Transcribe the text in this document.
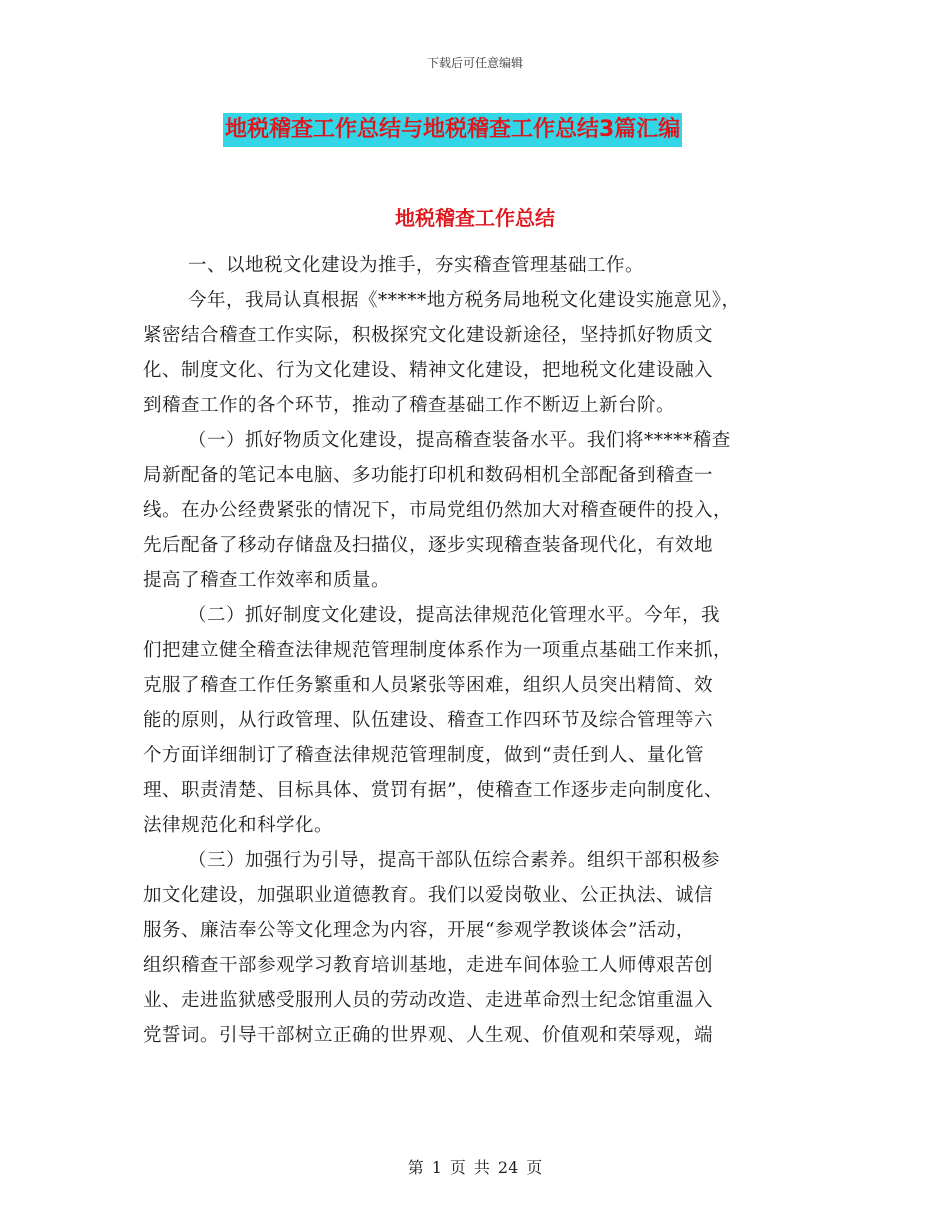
下载后可任意编辑
地税稽查工作总结与地税稽查工作总结3篇汇编
地税稽查工作总结
一、以地税文化建设为推手，夯实稽查管理基础工作。
今年，我局认真根据《*****地方税务局地税文化建设实施意见》，
紧密结合稽查工作实际，积极探究文化建设新途径，坚持抓好物质文
化、制度文化、行为文化建设、精神文化建设，把地税文化建设融入
到稽查工作的各个环节，推动了稽查基础工作不断迈上新台阶。
（一）抓好物质文化建设，提高稽查装备水平。我们将*****稽查
局新配备的笔记本电脑、多功能打印机和数码相机全部配备到稽查一
线。在办公经费紧张的情况下，市局党组仍然加大对稽查硬件的投入，
先后配备了移动存储盘及扫描仪，逐步实现稽查装备现代化，有效地
提高了稽查工作效率和质量。
（二）抓好制度文化建设，提高法律规范化管理水平。今年，我
们把建立健全稽查法律规范管理制度体系作为一项重点基础工作来抓，
克服了稽查工作任务繁重和人员紧张等困难，组织人员突出精简、效
能的原则，从行政管理、队伍建设、稽查工作四环节及综合管理等六
个方面详细制订了稽查法律规范管理制度，做到“责任到人、量化管
理、职责清楚、目标具体、赏罚有据”，使稽查工作逐步走向制度化、
法律规范化和科学化。
（三）加强行为引导，提高干部队伍综合素养。组织干部积极参
加文化建设，加强职业道德教育。我们以爱岗敬业、公正执法、诚信
服务、廉洁奉公等文化理念为内容，开展“参观学教谈体会”活动，
组织稽查干部参观学习教育培训基地，走进车间体验工人师傅艰苦创
业、走进监狱感受服刑人员的劳动改造、走进革命烈士纪念馆重温入
党誓词。引导干部树立正确的世界观、人生观、价值观和荣辱观，端
第 1 页 共 24 页
